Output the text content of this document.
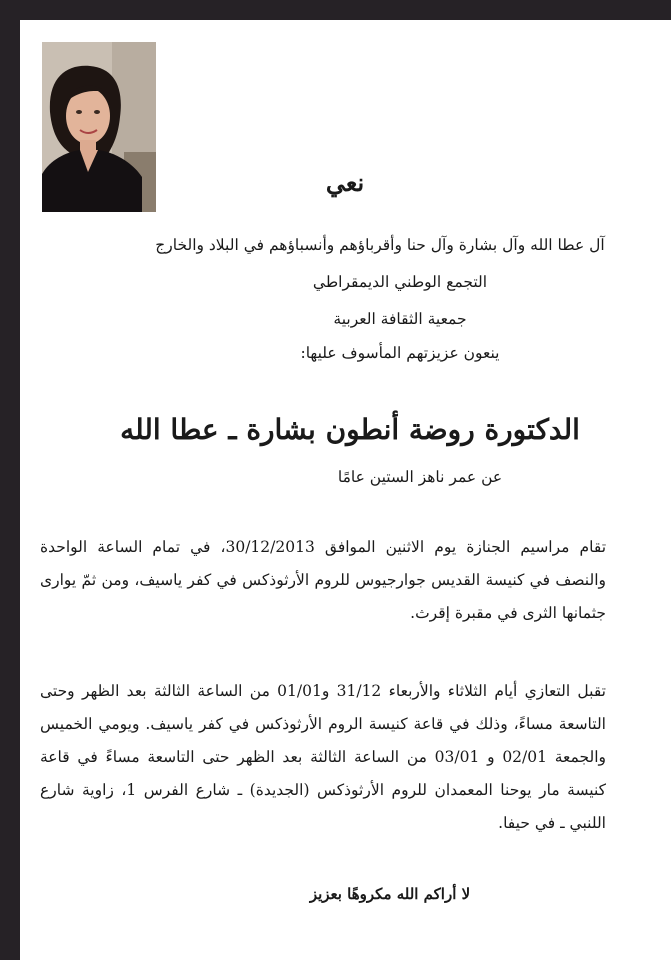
نعي
آل عطا الله وآل بشارة وآل حنا وأقرباؤهم وأنسباؤهم في البلاد والخارج
التجمع الوطني الديمقراطي
جمعية الثقافة العربية
ينعون عزيزتهم المأسوف عليها:
الدكتورة روضة أنطون بشارة ـ عطا الله
عن عمر ناهز الستين عامًا
تقام مراسيم الجنازة يوم الاثنين الموافق 30/12/2013، في تمام الساعة الواحدة والنصف في كنيسة القديس جوارجيوس للروم الأرثوذكس في كفر ياسيف، ومن ثمّ يوارى جثمانها الثرى في مقبرة إقرث.
تقبل التعازي أيام الثلاثاء والأربعاء 31/12 و01/01 من الساعة الثالثة بعد الظهر وحتى التاسعة مساءً، وذلك في قاعة كنيسة الروم الأرثوذكس في كفر ياسيف. ويومي الخميس والجمعة 02/01 و 03/01 من الساعة الثالثة بعد الظهر حتى التاسعة مساءً في قاعة كنيسة مار يوحنا المعمدان للروم الأرثوذكس (الجديدة) ـ شارع الفرس 1، زاوية شارع اللنبي ـ في حيفا.
لا أراكم الله مكروهًا بعزيز
